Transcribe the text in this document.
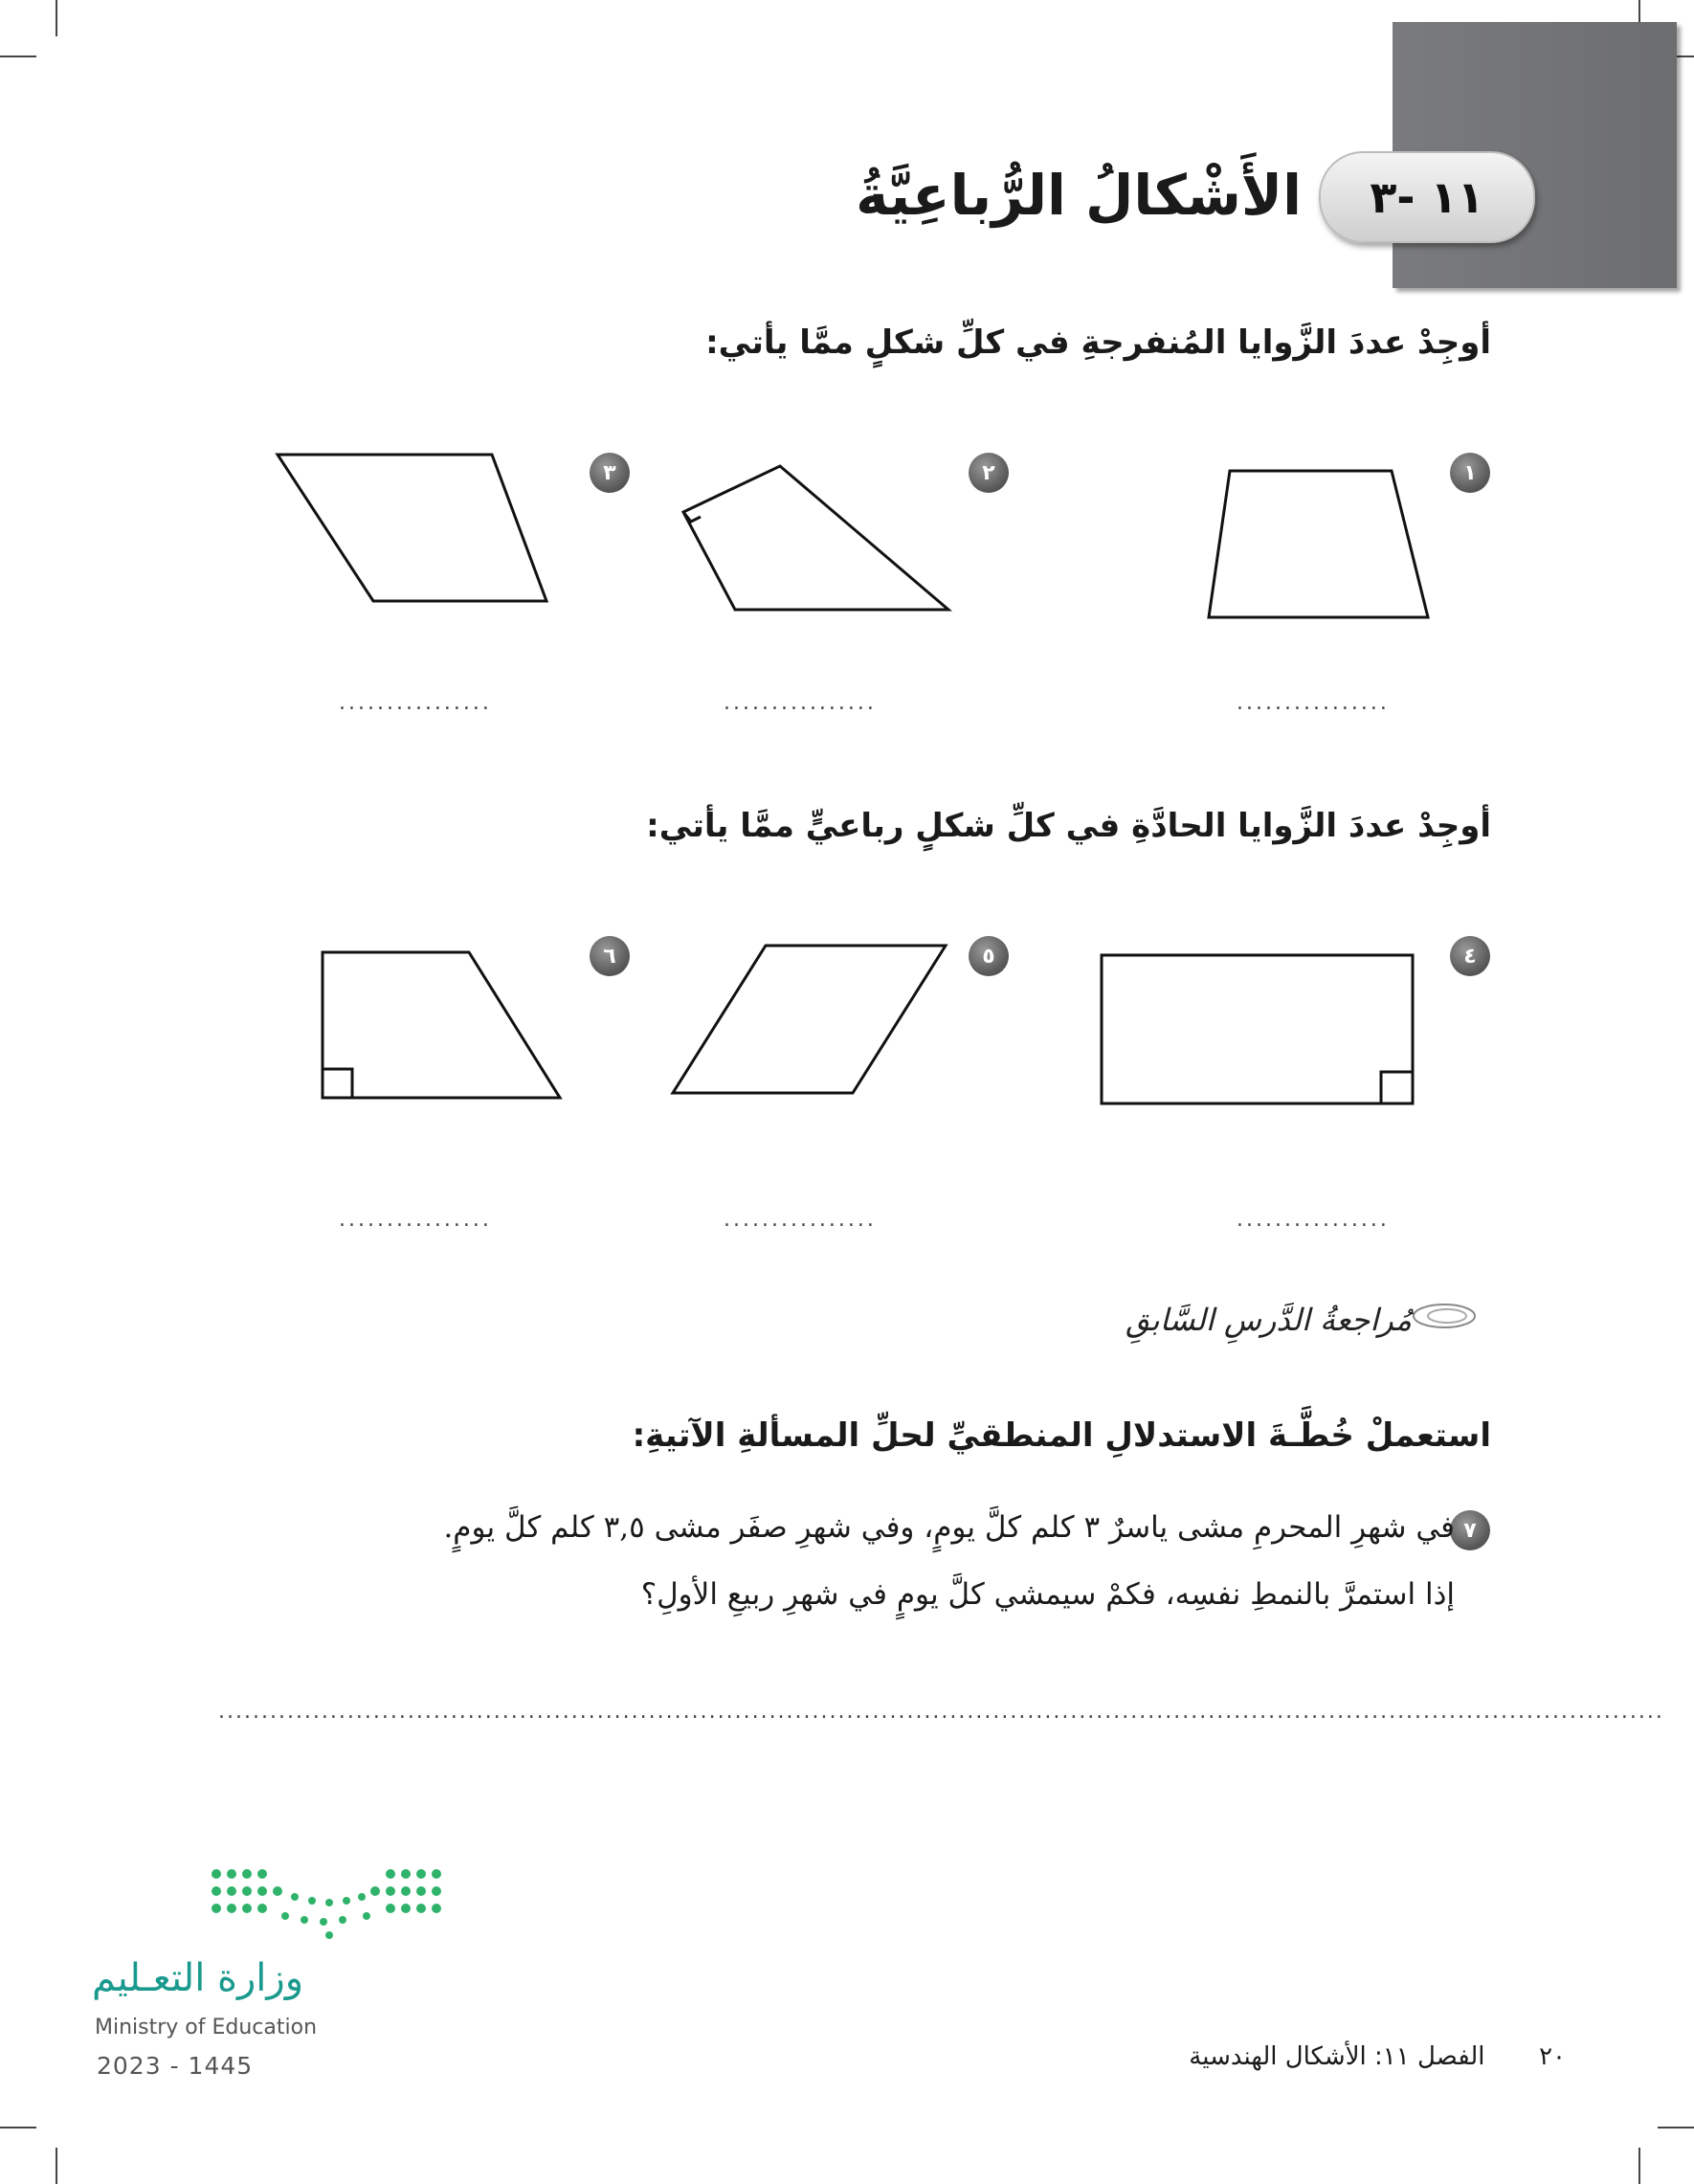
١١ -٣
الأَشْكالُ الرُّباعِيَّةُ
أوجِدْ عددَ الزَّوايا المُنفرجةِ في كلِّ شكلٍ ممَّا يأتي:
١
٢
٣
................
................
................
أوجِدْ عددَ الزَّوايا الحادَّةِ في كلِّ شكلٍ رباعيٍّ ممَّا يأتي:
٤
٥
٦
................
................
................
مُراجعةُ الدَّرسِ السَّابقِ
استعملْ خُطَّـةَ الاستدلالِ المنطقيِّ لحلِّ المسألةِ الآتيةِ:
٧
في شهرِ المحرمِ مشى ياسرٌ ٣ كلم كلَّ يومٍ، وفي شهرِ صفَر مشى ٣,٥ كلم كلَّ يومٍ.
إذا استمرَّ بالنمطِ نفسِه، فكمْ سيمشي كلَّ يومٍ في شهرِ ربيعِ الأولِ؟
........................................................................................................................................................................
وزارة التعـليم
Ministry of Education
2023 - 1445	٢٠  الفصل ١١: الأشكال الهندسية
